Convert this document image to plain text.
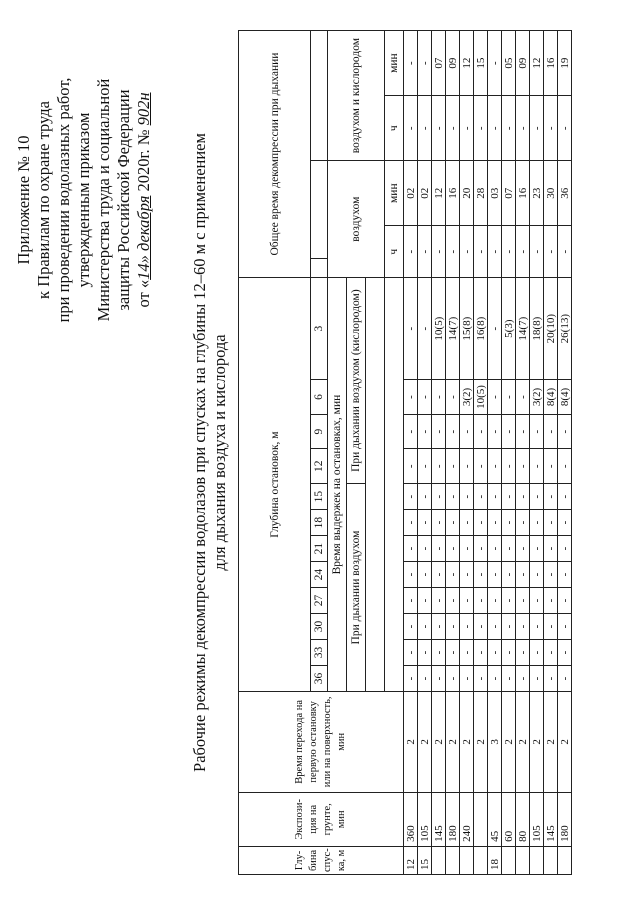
Приложение № 10 к Правилам по охране труда при проведении водолазных работ, утвержденным приказом Министерства труда и социальной защиты Российской Федерации от «14» декабря 2020г. № 902н
Рабочие режимы декомпрессии водолазов при спусках на глубины 12–60 м с применением для дыхания воздуха и кислорода
Глу-бина спус-ка, м	Экспози-ция на грунте, мин	Время перехода на первую остановку или на поверхность, мин	Глубина остановок, м												Общее время декомпрессии при дыхании				
			36	33	30	27	24	21	18	15	12	9	6	3					
			Время выдержек на остановках, мин												воздухом			воздухом и кислородом	
			При дыхании воздухом								При дыхании воздухом (кислородом)								

															ч		мин	ч	мин
12	360	2	-	-	-	-	-	-	-	-	-	-	-	-	-		02	-	-
15	105	2	-	-	-	-	-	-	-	-	-	-	-	-	-		02	-	-
	145	2	-	-	-	-	-	-	-	-	-	-	-	10(5)	-		12	-	07
	180	2	-	-	-	-	-	-	-	-	-	-	-	14(7)	-		16	-	09
	240	2	-	-	-	-	-	-	-	-	-	-	3(2)	15(8)	-		20	-	12
		2	-	-	-	-	-	-	-	-	-	-	10(5)	16(8)	-		28	-	15
18	45	3	-	-	-	-	-	-	-	-	-	-	-	-	-		03	-	-
	60	2	-	-	-	-	-	-	-	-	-	-	-	5(3)	-		07	-	05
	80	2	-	-	-	-	-	-	-	-	-	-	-	14(7)	-		16	-	09
	105	2	-	-	-	-	-	-	-	-	-	-	3(2)	18(8)	-		23	-	12
	145	2	-	-	-	-	-	-	-	-	-	-	8(4)	20(10)	-		30	-	16
	180	2	-	-	-	-	-	-	-	-	-	-	8(4)	26(13)	-		36	-	19
